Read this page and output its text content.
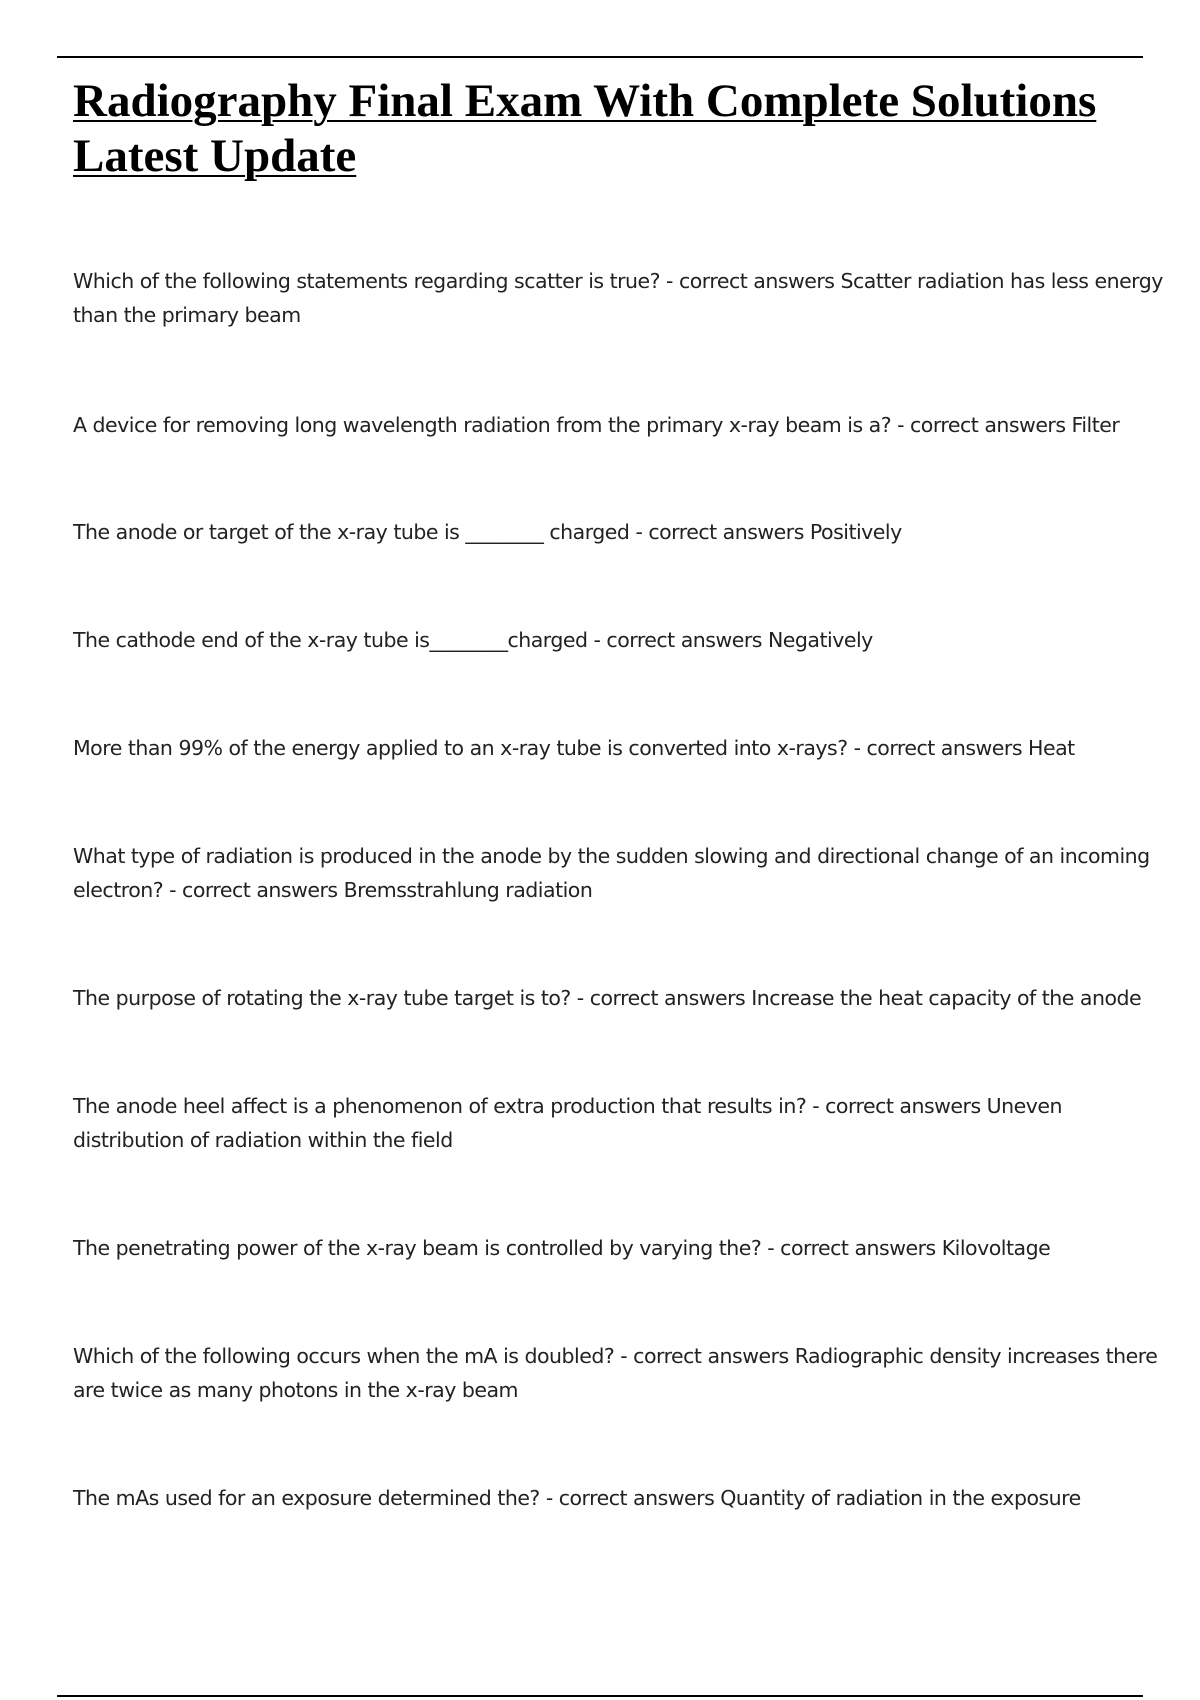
Radiography Final Exam With Complete Solutions Latest Update

Which of the following statements regarding scatter is true? - correct answers Scatter radiation has less energy than the primary beam

A device for removing long wavelength radiation from the primary x-ray beam is a? - correct answers Filter

The anode or target of the x-ray tube is ________ charged - correct answers Positively

The cathode end of the x-ray tube is________charged - correct answers Negatively

More than 99% of the energy applied to an x-ray tube is converted into x-rays? - correct answers Heat

What type of radiation is produced in the anode by the sudden slowing and directional change of an incoming electron? - correct answers Bremsstrahlung radiation

The purpose of rotating the x-ray tube target is to? - correct answers Increase the heat capacity of the anode

The anode heel affect is a phenomenon of extra production that results in? - correct answers Uneven distribution of radiation within the field

The penetrating power of the x-ray beam is controlled by varying the? - correct answers Kilovoltage

Which of the following occurs when the mA is doubled? - correct answers Radiographic density increases there are twice as many photons in the x-ray beam

The mAs used for an exposure determined the? - correct answers Quantity of radiation in the exposure
